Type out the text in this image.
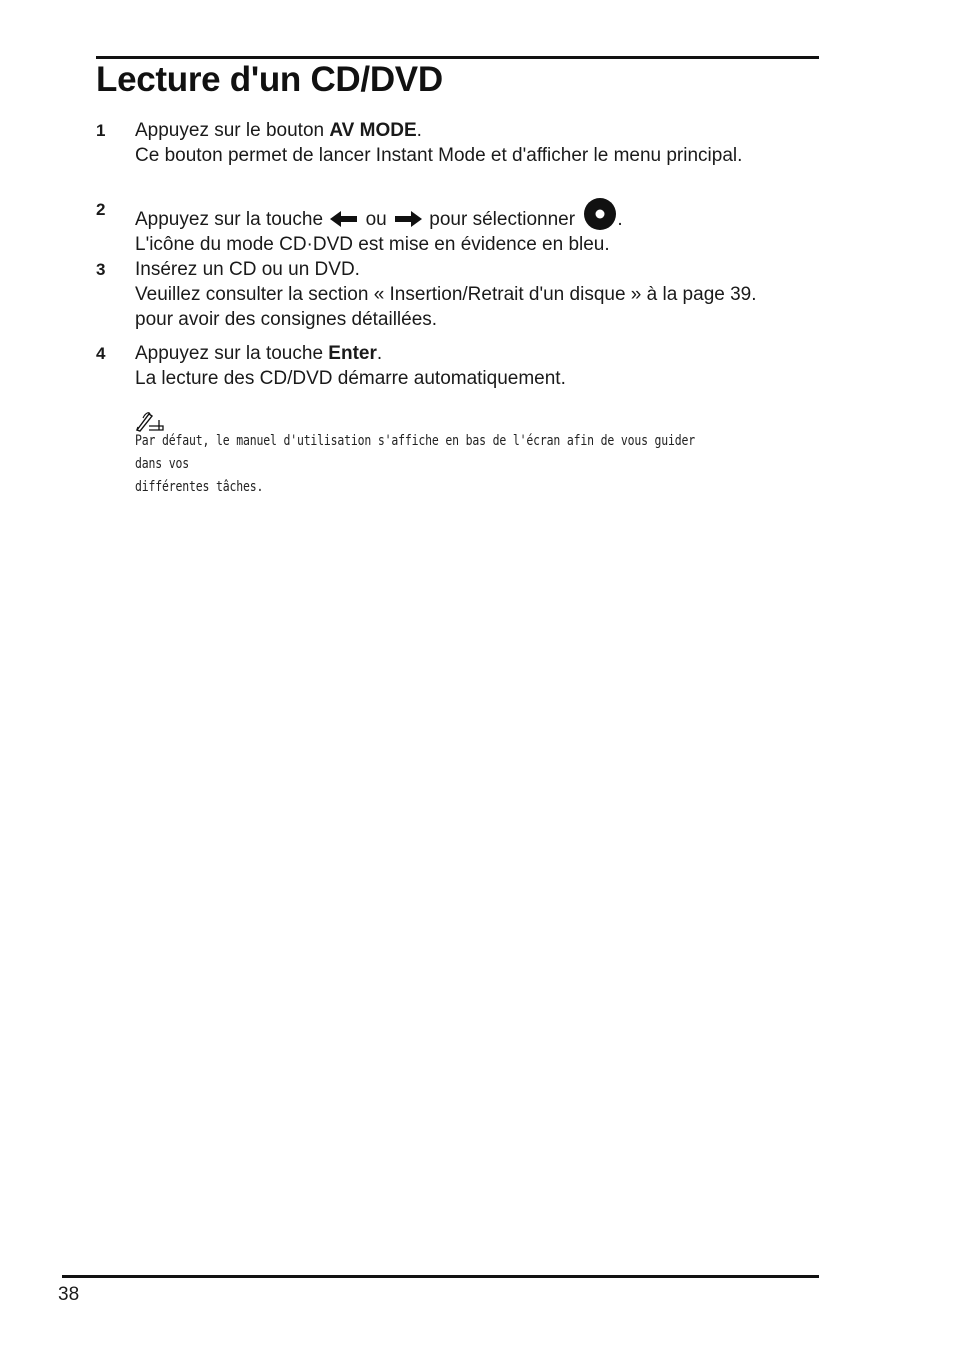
Lecture d'un CD/DVD
1 Appuyez sur le bouton AV MODE.
Ce bouton permet de lancer Instant Mode et d'afficher le menu principal.
2 Appuyez sur la touche ou pour sélectionner .
L'icône du mode CD·DVD est mise en évidence en bleu.
3 Insérez un CD ou un DVD.
Veuillez consulter la section « Insertion/Retrait d'un disque » à la page 39.
pour avoir des consignes détaillées.
4 Appuyez sur la touche Enter.
La lecture des CD/DVD démarre automatiquement.
Par défaut, le manuel d'utilisation s'affiche en bas de l'écran afin de vous guider dans vos
différentes tâches.
38
